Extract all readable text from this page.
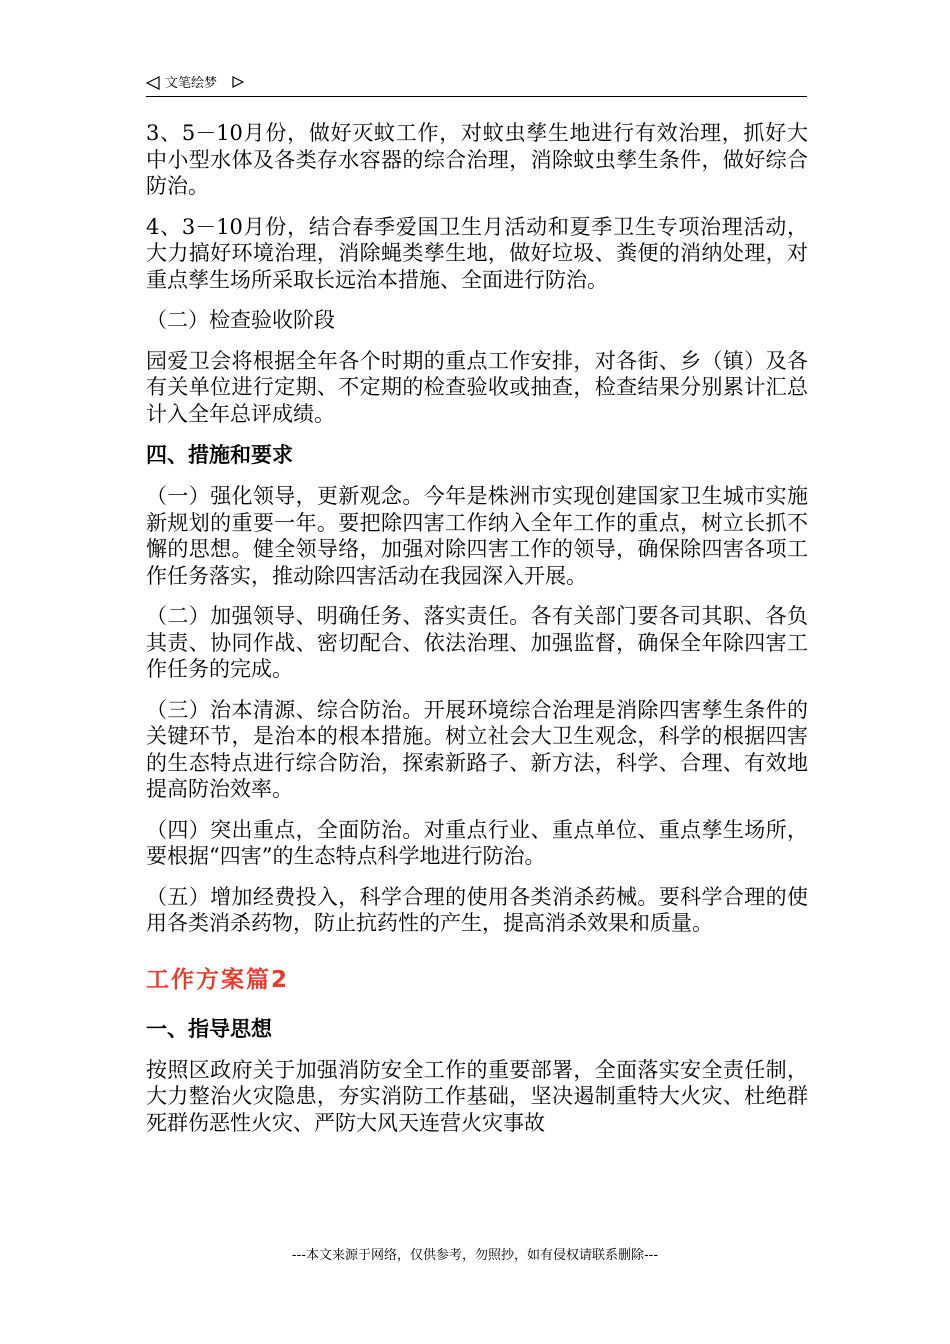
文笔绘梦

3、5－10月份，做好灭蚊工作，对蚊虫孳生地进行有效治理，抓好大中小型水体及各类存水容器的综合治理，消除蚊虫孳生条件，做好综合防治。

4、3－10月份，结合春季爱国卫生月活动和夏季卫生专项治理活动，大力搞好环境治理，消除蝇类孳生地，做好垃圾、粪便的消纳处理，对重点孳生场所采取长远治本措施、全面进行防治。

（二）检查验收阶段

园爱卫会将根据全年各个时期的重点工作安排，对各街、乡（镇）及各有关单位进行定期、不定期的检查验收或抽查，检查结果分别累计汇总计入全年总评成绩。

四、措施和要求

（一）强化领导，更新观念。今年是株洲市实现创建国家卫生城市实施新规划的重要一年。要把除四害工作纳入全年工作的重点，树立长抓不懈的思想。健全领导络，加强对除四害工作的领导，确保除四害各项工作任务落实，推动除四害活动在我园深入开展。

（二）加强领导、明确任务、落实责任。各有关部门要各司其职、各负其责、协同作战、密切配合、依法治理、加强监督，确保全年除四害工作任务的完成。

（三）治本清源、综合防治。开展环境综合治理是消除四害孳生条件的关键环节，是治本的根本措施。树立社会大卫生观念，科学的根据四害的生态特点进行综合防治，探索新路子、新方法，科学、合理、有效地提高防治效率。

（四）突出重点，全面防治。对重点行业、重点单位、重点孳生场所，要根据“四害”的生态特点科学地进行防治。

（五）增加经费投入，科学合理的使用各类消杀药械。要科学合理的使用各类消杀药物，防止抗药性的产生，提高消杀效果和质量。

工作方案篇2
一、指导思想

按照区政府关于加强消防安全工作的重要部署，全面落实安全责任制，大力整治火灾隐患，夯实消防工作基础，坚决遏制重特大火灾、杜绝群死群伤恶性火灾、严防大风天连营火灾事故

---本文来源于网络，仅供参考，勿照抄，如有侵权请联系删除---
